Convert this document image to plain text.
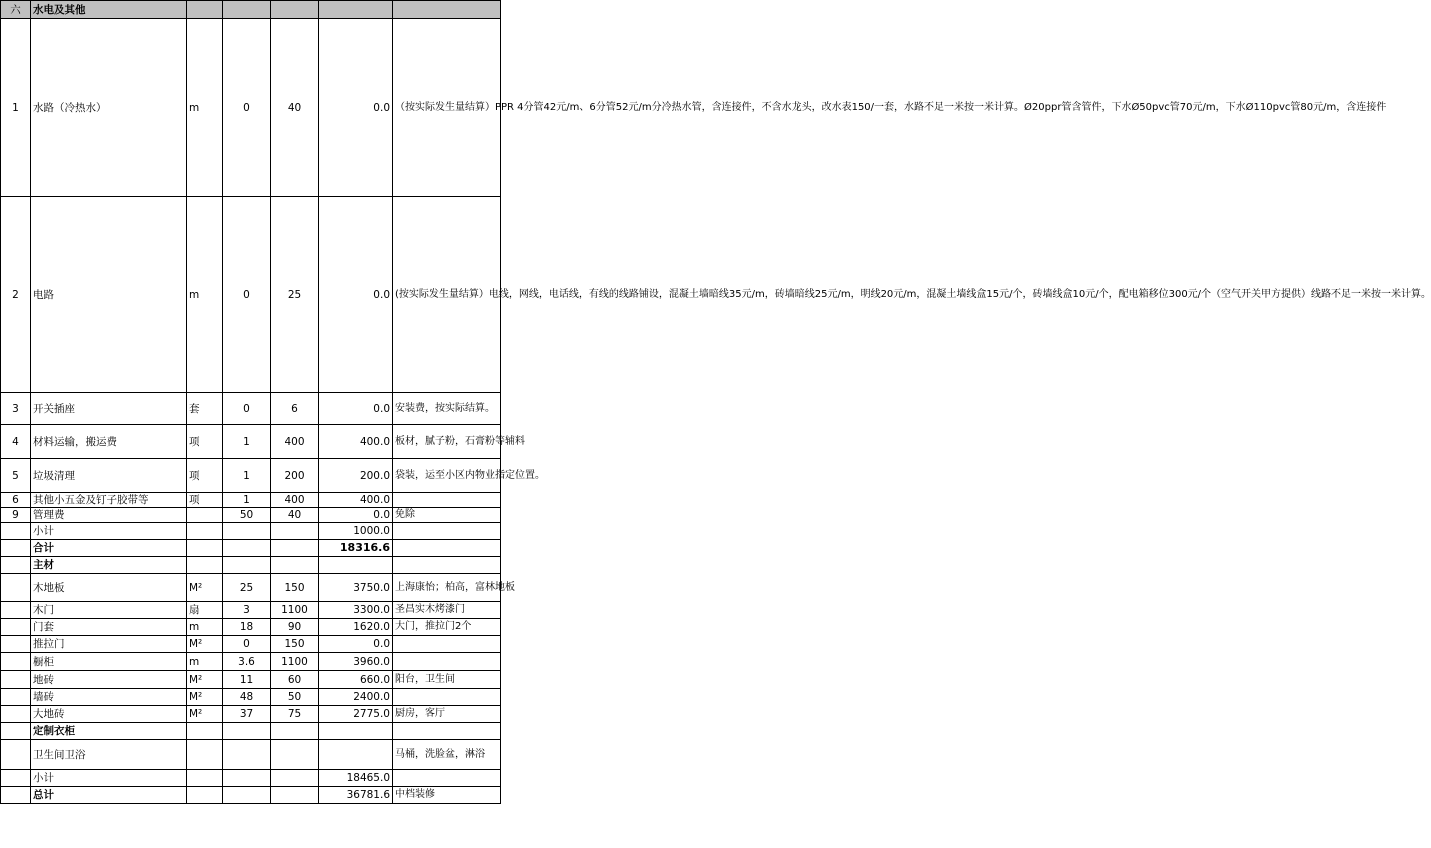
六	水电及其他					
1	水路（冷热水）	m	0	40	0.0	（按实际发生量结算）PPR 4分管42元/m、6分管52元/m分冷热水管，含连接件，不含水龙头，改水表150/一套，水路不足一米按一米计算。Ø20ppr管含管件，下水Ø50pvc管70元/m，下水Ø110pvc管80元/m，含连接件
2	电路	m	0	25	0.0	(按实际发生量结算）电线，网线，电话线，有线的线路铺设，混凝土墙暗线35元/m，砖墙暗线25元/m，明线20元/m，混凝土墙线盒15元/个，砖墙线盒10元/个，配电箱移位300元/个（空气开关甲方提供）线路不足一米按一米计算。
3	开关插座	套	0	6	0.0	安装费，按实际结算。
4	材料运输，搬运费	项	1	400	400.0	板材，腻子粉，石膏粉等辅料
5	垃圾清理	项	1	200	200.0	袋装，运至小区内物业指定位置。
6	其他小五金及钉子胶带等	项	1	400	400.0	
9	管理费		50	40	0.0	免除
	小计				1000.0	
	合计				18316.6	
	主材					
	木地板	M²	25	150	3750.0	上海康怡；柏高，富林地板
	木门	扇	3	1100	3300.0	圣昌实木烤漆门
	门套	m	18	90	1620.0	大门，推拉门2个
	推拉门	M²	0	150	0.0	
	橱柜	m	3.6	1100	3960.0	
	地砖	M²	11	60	660.0	阳台，卫生间
	墙砖	M²	48	50	2400.0	
	大地砖	M²	37	75	2775.0	厨房，客厅
	定制衣柜					
	卫生间卫浴					马桶，洗脸盆，淋浴
	小计				18465.0	
	总计				36781.6	中档装修
